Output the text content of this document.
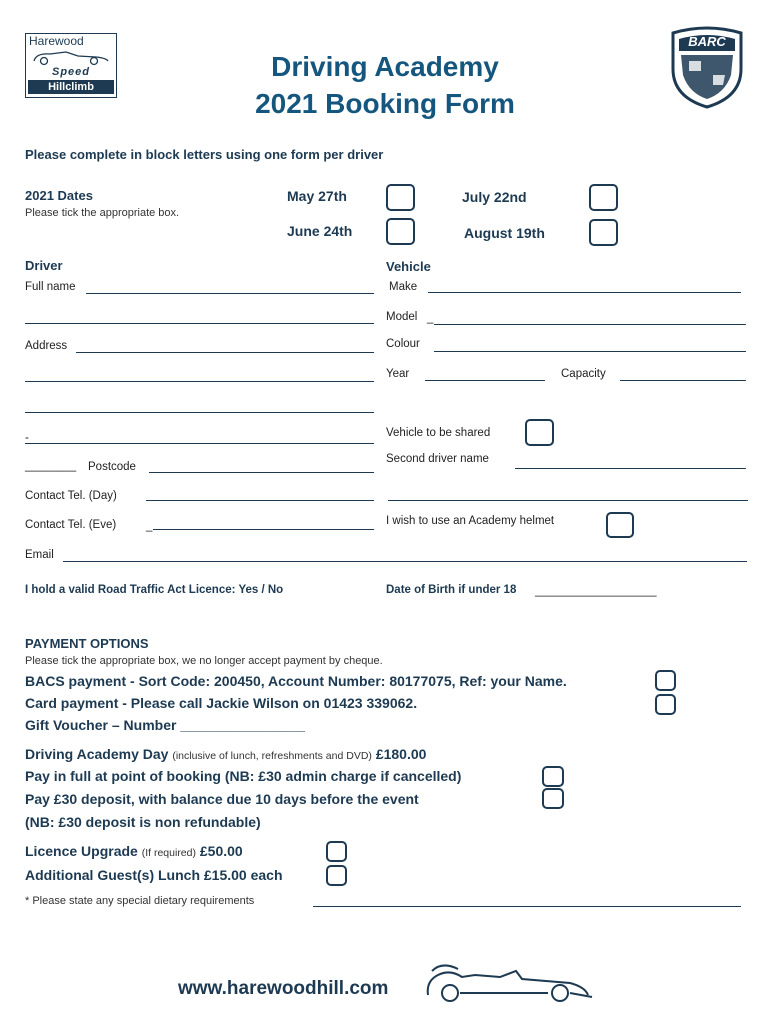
Harewood
Speed
Hillclimb
BARC
Driving Academy
2021 Booking Form
Please complete in block letters using one form per driver
2021 Dates
Please tick the appropriate box.
May 27th
June 24th
July 22nd
August 19th
Driver
Full name
Address
-
________ Postcode
Contact Tel. (Day)
Contact Tel. (Eve)	_
Email
I hold a valid Road Traffic Act Licence: Yes / No
Vehicle
Make
Model _
Colour
Year	Capacity
Vehicle to be shared
Second driver name
I wish to use an Academy helmet
Date of Birth if under 18 ___________________
PAYMENT OPTIONS
Please tick the appropriate box, we no longer accept payment by cheque.
BACS payment - Sort Code: 200450, Account Number: 80177075, Ref: your Name.
Card payment - Please call Jackie Wilson on 01423 339062.
Gift Voucher – Number ________________
Driving Academy Day (inclusive of lunch, refreshments and DVD) £180.00
Pay in full at point of booking (NB: £30 admin charge if cancelled)
Pay £30 deposit, with balance due 10 days before the event
(NB: £30 deposit is non refundable)
Licence Upgrade (If required) £50.00
Additional Guest(s) Lunch £15.00 each
* Please state any special dietary requirements
www.harewoodhill.com
